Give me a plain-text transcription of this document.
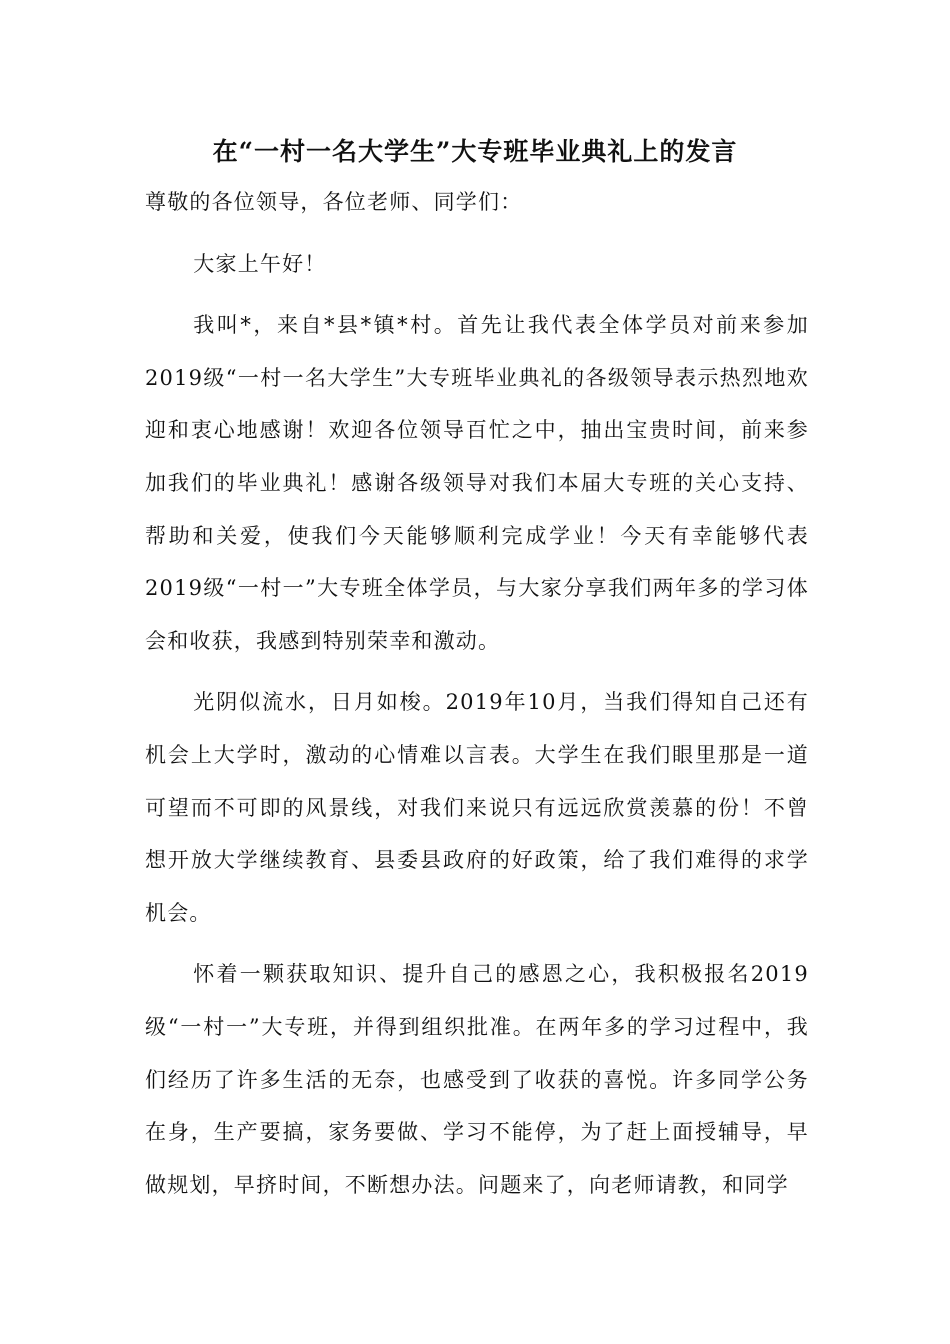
在“一村一名大学生”大专班毕业典礼上的发言

尊敬的各位领导，各位老师、同学们：

大家上午好！

我叫*，来自*县*镇*村。首先让我代表全体学员对前来参加2019级“一村一名大学生”大专班毕业典礼的各级领导表示热烈地欢迎和衷心地感谢！欢迎各位领导百忙之中，抽出宝贵时间，前来参加我们的毕业典礼！感谢各级领导对我们本届大专班的关心支持、帮助和关爱，使我们今天能够顺利完成学业！今天有幸能够代表2019级“一村一”大专班全体学员，与大家分享我们两年多的学习体会和收获，我感到特别荣幸和激动。

光阴似流水，日月如梭。2019年10月，当我们得知自己还有机会上大学时，激动的心情难以言表。大学生在我们眼里那是一道可望而不可即的风景线，对我们来说只有远远欣赏羡慕的份！不曾想开放大学继续教育、县委县政府的好政策，给了我们难得的求学机会。

怀着一颗获取知识、提升自己的感恩之心，我积极报名2019级“一村一”大专班，并得到组织批准。在两年多的学习过程中，我们经历了许多生活的无奈，也感受到了收获的喜悦。许多同学公务在身，生产要搞，家务要做、学习不能停，为了赶上面授辅导，早做规划，早挤时间，不断想办法。问题来了，向老师请教，和同学
